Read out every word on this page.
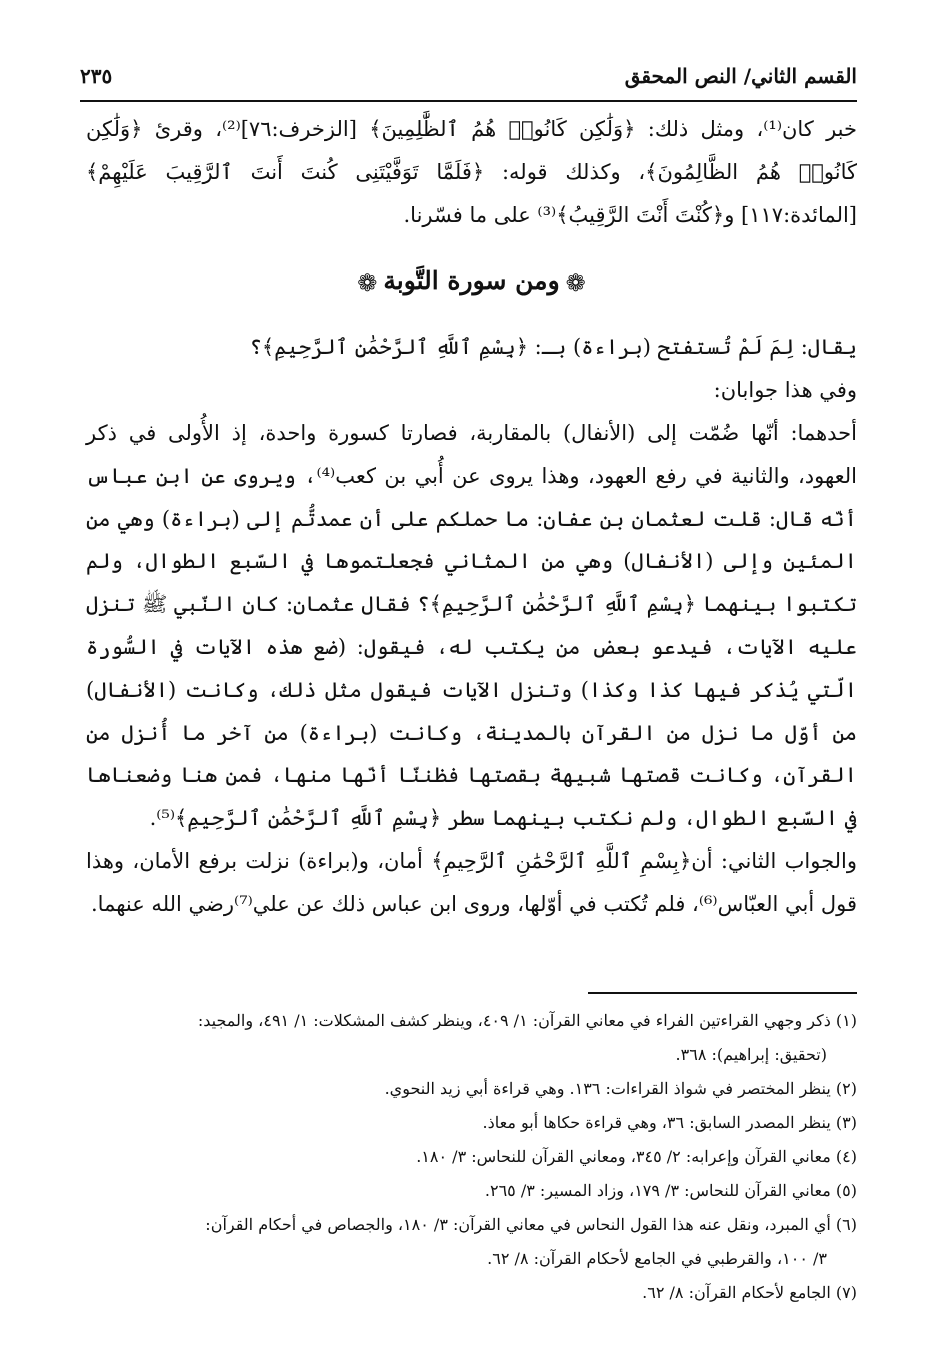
القسم الثاني/ النص المحقق
٢٣٥

خبر كان⁽¹⁾، ومثل ذلك: ﴿وَلَٰكِن كَانُوا۟ هُمُ ٱلظَّٰلِمِينَ﴾ [الزخرف:٧٦]⁽²⁾، وقرئ ﴿وَلَٰكِن كَانُوا۟ هُمُ الظَّالِمُونَ﴾، وكذلك قوله: ﴿فَلَمَّا تَوَفَّيْتَنِى كُنتَ أَنتَ ٱلرَّقِيبَ عَلَيْهِمْ﴾ [المائدة:١١٧] و﴿كُنْتَ أَنْتَ الرَّقِيبُ﴾⁽³⁾ على ما فسّرنا.

❁ومن سورة التَّوبة❁

يقال: لِمَ لَمْ تُستفتح (براءة) بـ: ﴿بِسْمِ ٱللَّهِ ٱلرَّحْمَٰنِ ٱلرَّحِيمِ﴾؟

وفي هذا جوابان:

أحدهما: أنّها ضُمّت إلى (الأنفال) بالمقاربة، فصارتا كسورة واحدة، إذ الأُولى في ذكر العهود، والثانية في رفع العهود، وهذا يروى عن أُبي بن كعب⁽⁴⁾، ويروى عن ابن عباس أنّه قال: قلت لعثمان بن عفان: ما حملكم على أن عمدتُّم إلى (براءة) وهي من المئين وإلى (الأنفال) وهي من المثاني فجعلتموها في السّبع الطوال، ولم تكتبوا بينهما ﴿بِسْمِ ٱللَّهِ ٱلرَّحْمَٰنِ ٱلرَّحِيمِ﴾؟ فقال عثمان: كان النّبي ﷺ تنزل عليه الآيات، فيدعو بعض من يكتب له، فيقول: (ضع هذه الآيات في السُّورة الّتي يُذكر فيها كذا وكذا) وتنزل الآيات فيقول مثل ذلك، وكانت (الأنفال) من أوّل ما نزل من القرآن بالمدينة، وكانت (براءة) من آخر ما أُنزل من القرآن، وكانت قصتها شبيهة بقصتها فظننّا أنّها منها، فمن هنا وضعناها في السّبع الطوال، ولم نكتب بينهما سطر ﴿بِسْمِ ٱللَّهِ ٱلرَّحْمَٰنِ ٱلرَّحِيمِ﴾⁽⁵⁾.

والجواب الثاني: أن﴿بِسْمِ ٱللَّهِ ٱلرَّحْمَٰنِ ٱلرَّحِيمِ﴾ أمان، و(براءة) نزلت برفع الأمان، وهذا قول أبي العبّاس⁽⁶⁾، فلم تُكتب في أوّلها، وروى ابن عباس ذلك عن علي⁽⁷⁾رضي الله عنهما.

(١) ذكر وجهي القراءتين الفراء في معاني القرآن: ١/ ٤٠٩، وينظر كشف المشكلات: ١/ ٤٩١، والمجيد:

(تحقيق: إبراهيم): ٣٦٨.

(٢) ينظر المختصر في شواذ القراءات: ١٣٦. وهي قراءة أبي زيد النحوي.

(٣) ينظر المصدر السابق: ٣٦، وهي قراءة حكاها أبو معاذ.

(٤) معاني القرآن وإعرابه: ٢/ ٣٤٥، ومعاني القرآن للنحاس: ٣/ ١٨٠.

(٥) معاني القرآن للنحاس: ٣/ ١٧٩، وزاد المسير: ٣/ ٢٦٥.

(٦) أي المبرد، ونقل عنه هذا القول النحاس في معاني القرآن: ٣/ ١٨٠، والجصاص في أحكام القرآن:

٣/ ١٠٠، والقرطبي في الجامع لأحكام القرآن: ٨/ ٦٢.

(٧) الجامع لأحكام القرآن: ٨/ ٦٢.
